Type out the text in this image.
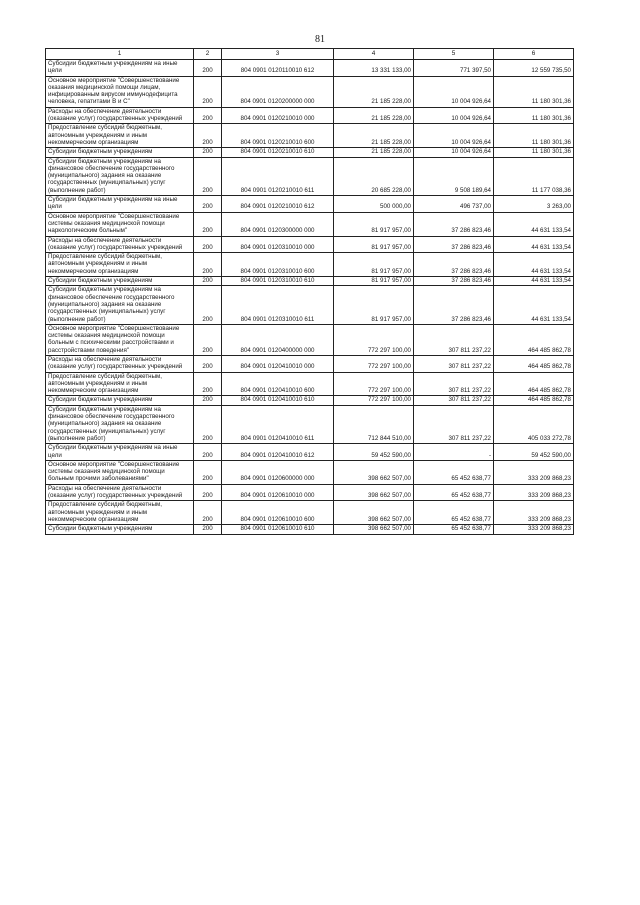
81
1	2	3	4	5	6
Субсидии бюджетным учреждениям на иные цели	200	804 0901 0120110010 612	13 331 133,00	771 397,50	12 559 735,50
Основное мероприятие "Совершенствование оказания медицинской помощи лицам, инфицированным вирусом иммунодефицита человека, гепатитами В и С"	200	804 0901 0120200000 000	21 185 228,00	10 004 926,64	11 180 301,36
Расходы на обеспечение деятельности (оказание услуг) государственных учреждений	200	804 0901 0120210010 000	21 185 228,00	10 004 926,64	11 180 301,36
Предоставление субсидий бюджетным, автономным учреждениям и иным некоммерческим организациям	200	804 0901 0120210010 600	21 185 228,00	10 004 926,64	11 180 301,36
Субсидии бюджетным учреждениям	200	804 0901 0120210010 610	21 185 228,00	10 004 926,64	11 180 301,36
Субсидии бюджетным учреждениям на финансовое обеспечение государственного (муниципального) задания на оказание государственных (муниципальных) услуг (выполнение работ)	200	804 0901 0120210010 611	20 685 228,00	9 508 189,64	11 177 038,36
Субсидии бюджетным учреждениям на иные цели	200	804 0901 0120210010 612	500 000,00	496 737,00	3 263,00
Основное мероприятие "Совершенствование системы оказания медицинской помощи наркологическим больным"	200	804 0901 0120300000 000	81 917 957,00	37 286 823,46	44 631 133,54
Расходы на обеспечение деятельности (оказание услуг) государственных учреждений	200	804 0901 0120310010 000	81 917 957,00	37 286 823,46	44 631 133,54
Предоставление субсидий бюджетным, автономным учреждениям и иным некоммерческим организациям	200	804 0901 0120310010 600	81 917 957,00	37 286 823,46	44 631 133,54
Субсидии бюджетным учреждениям	200	804 0901 0120310010 610	81 917 957,00	37 286 823,46	44 631 133,54
Субсидии бюджетным учреждениям на финансовое обеспечение государственного (муниципального) задания на оказание государственных (муниципальных) услуг (выполнение работ)	200	804 0901 0120310010 611	81 917 957,00	37 286 823,46	44 631 133,54
Основное мероприятие "Совершенствование системы оказания медицинской помощи больным с психическими расстройствами и расстройствами поведения"	200	804 0901 0120400000 000	772 297 100,00	307 811 237,22	464 485 862,78
Расходы на обеспечение деятельности (оказание услуг) государственных учреждений	200	804 0901 0120410010 000	772 297 100,00	307 811 237,22	464 485 862,78
Предоставление субсидий бюджетным, автономным учреждениям и иным некоммерческим организациям	200	804 0901 0120410010 600	772 297 100,00	307 811 237,22	464 485 862,78
Субсидии бюджетным учреждениям	200	804 0901 0120410010 610	772 297 100,00	307 811 237,22	464 485 862,78
Субсидии бюджетным учреждениям на финансовое обеспечение государственного (муниципального) задания на оказание государственных (муниципальных) услуг (выполнение работ)	200	804 0901 0120410010 611	712 844 510,00	307 811 237,22	405 033 272,78
Субсидии бюджетным учреждениям на иные цели	200	804 0901 0120410010 612	59 452 590,00	-	59 452 590,00
Основное мероприятие "Совершенствование системы оказания медицинской помощи больным прочими заболеваниями"	200	804 0901 0120600000 000	398 662 507,00	65 452 638,77	333 209 868,23
Расходы на обеспечение деятельности (оказание услуг) государственных учреждений	200	804 0901 0120610010 000	398 662 507,00	65 452 638,77	333 209 868,23
Предоставление субсидий бюджетным, автономным учреждениям и иным некоммерческим организациям	200	804 0901 0120610010 600	398 662 507,00	65 452 638,77	333 209 868,23
Субсидии бюджетным учреждениям	200	804 0901 0120610010 610	398 662 507,00	65 452 638,77	333 209 868,23
